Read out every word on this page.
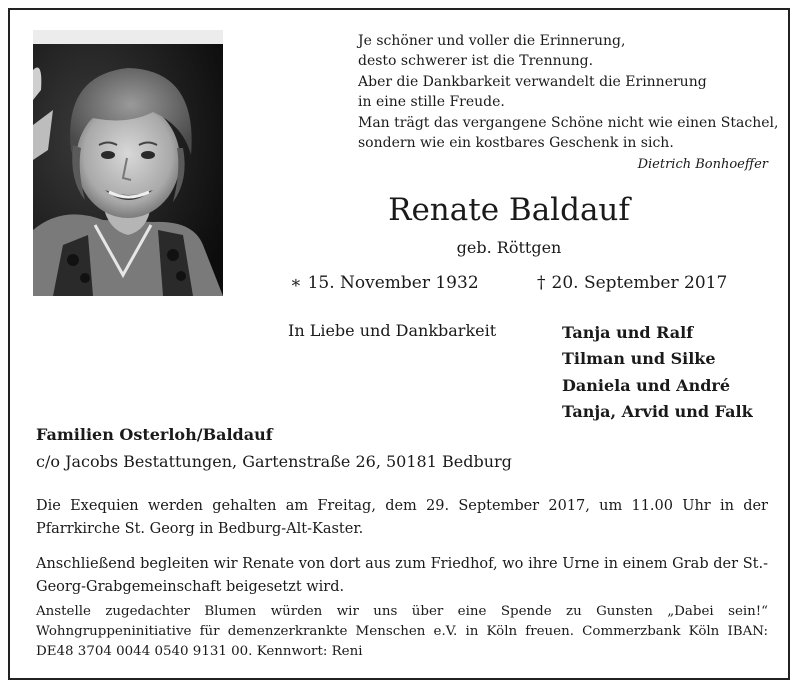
Je schöner und voller die Erinnerung,
desto schwerer ist die Trennung.
Aber die Dankbarkeit verwandelt die Erinnerung
in eine stille Freude.
Man trägt das vergangene Schöne nicht wie einen Stachel,
sondern wie ein kostbares Geschenk in sich.
Dietrich Bonhoeffer
Renate Baldauf
geb. Röttgen
∗ 15. November 1932	† 20. September 2017
In Liebe und Dankbarkeit	Tanja und Ralf
Tilman und Silke
Daniela und André
Tanja, Arvid und Falk
Familien Osterloh/Baldauf
c/o Jacobs Bestattungen, Gartenstraße 26, 50181 Bedburg
Die Exequien werden gehalten am Freitag, dem 29. September 2017, um 11.00 Uhr in der Pfarrkirche St. Georg in Bedburg-Alt-Kaster.
Anschließend begleiten wir Renate von dort aus zum Friedhof, wo ihre Urne in einem Grab der St.-Georg-Grabgemeinschaft beigesetzt wird.
Anstelle zugedachter Blumen würden wir uns über eine Spende zu Gunsten „Dabei sein!“ Wohngruppeninitiative für demenzerkrankte Menschen e.V. in Köln freuen. Commerzbank Köln IBAN: DE48 3704 0044 0540 9131 00. Kennwort: Reni
